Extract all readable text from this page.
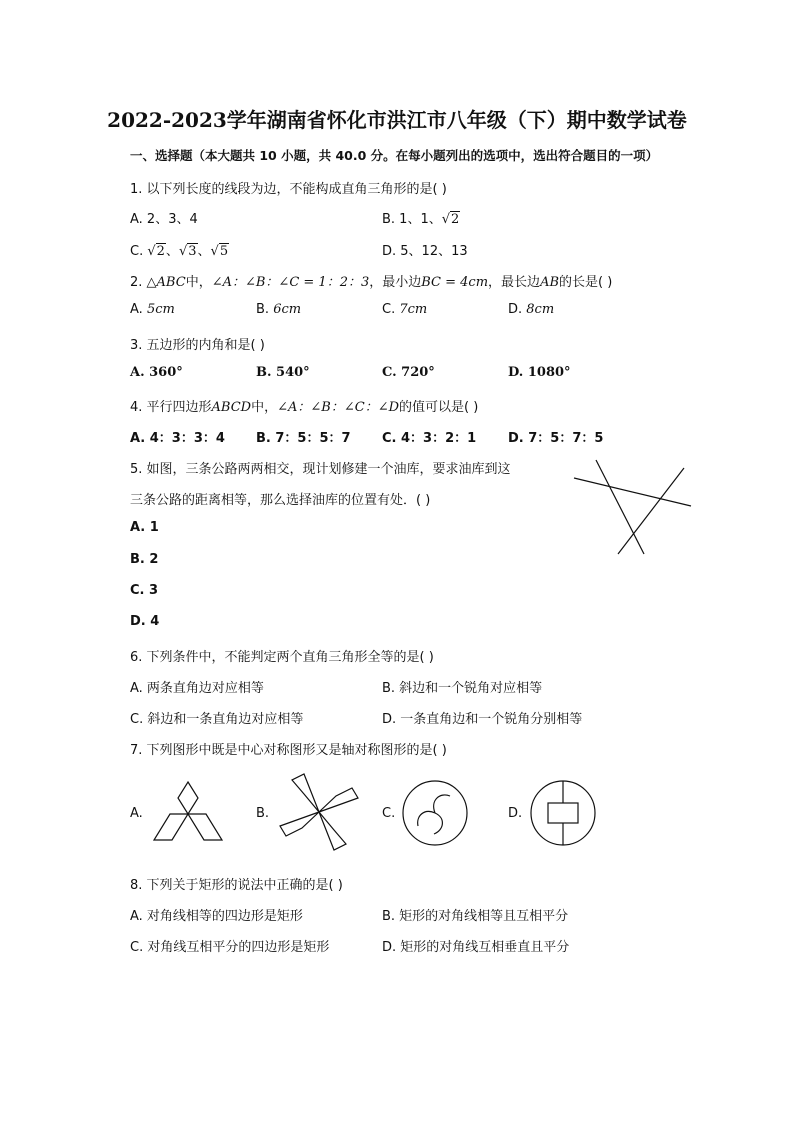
2022-2023学年湖南省怀化市洪江市八年级（下）期中数学试卷
一、选择题（本大题共 10 小题，共 40.0 分。在每小题列出的选项中，选出符合题目的一项）
1. 以下列长度的线段为边，不能构成直角三角形的是( )
A. 2、3、4	B. 1、1、√2
C. √2、√3、√5	D. 5、12、13
2. △ABC中，∠A：∠B：∠C = 1：2：3，最小边BC = 4cm，最长边AB的长是( )
A. 5cm	B. 6cm	C. 7cm	D. 8cm
3. 五边形的内角和是( )
A. 360°	B. 540°	C. 720°	D. 1080°
4. 平行四边形ABCD中，∠A：∠B：∠C：∠D的值可以是( )
A. 4：3：3：4 B. 7：5：5：7 C. 4：3：2：1 D. 7：5：7：5
5. 如图，三条公路两两相交，现计划修建一个油库，要求油库到这
三条公路的距离相等，那么选择油库的位置有处．( )
A. 1
B. 2
C. 3
D. 4
6. 下列条件中，不能判定两个直角三角形全等的是( )
A. 两条直角边对应相等	B. 斜边和一个锐角对应相等
C. 斜边和一条直角边对应相等	D. 一条直角边和一个锐角分别相等
7. 下列图形中既是中心对称图形又是轴对称图形的是( )
A.	B.	C.	D.
8. 下列关于矩形的说法中正确的是( )
A. 对角线相等的四边形是矩形	B. 矩形的对角线相等且互相平分
C. 对角线互相平分的四边形是矩形	D. 矩形的对角线互相垂直且平分
